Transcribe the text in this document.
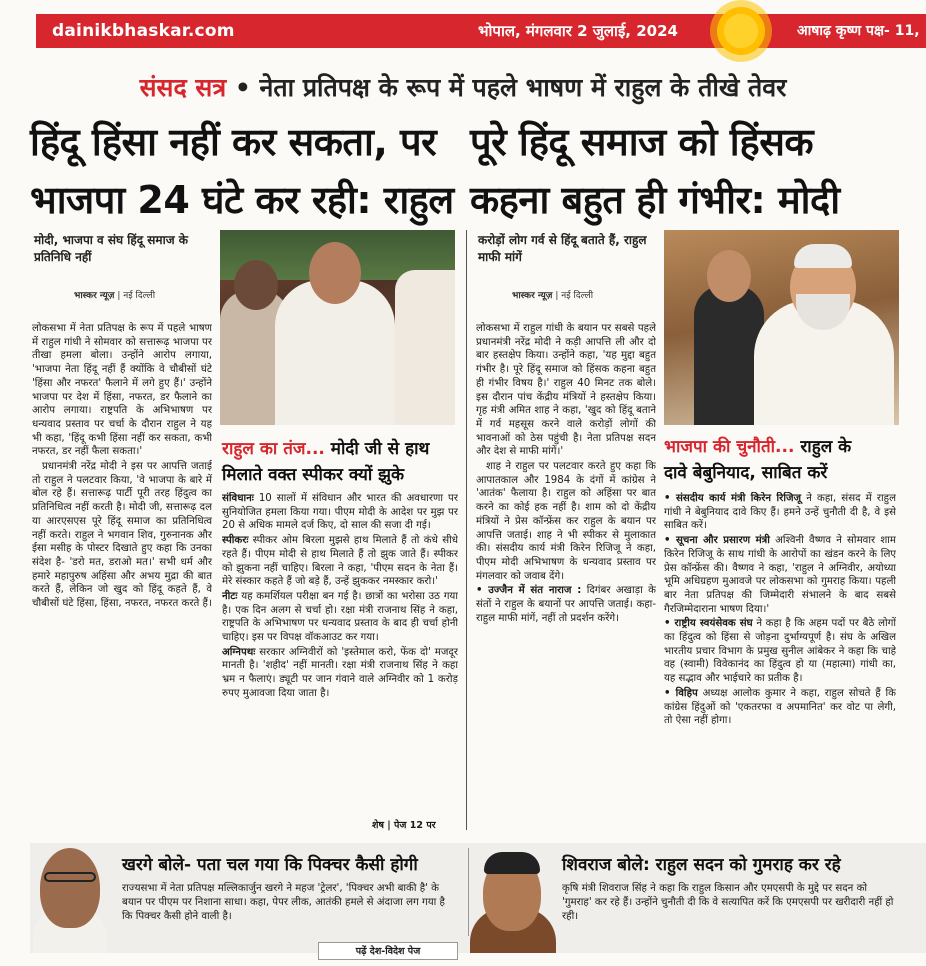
dainikbhaskar.com	भोपाल, मंगलवार 2 जुलाई, 2024	आषाढ़ कृष्ण पक्ष- 11,
संसद सत्र • नेता प्रतिपक्ष के रूप में पहले भाषण में राहुल के तीखे तेवर
हिंदू हिंसा नहीं कर सकता, पर
भाजपा 24 घंटे कर रही: राहुल
पूरे हिंदू समाज को हिंसक
कहना बहुत ही गंभीर: मोदी
मोदी, भाजपा व संघ हिंदू समाज के प्रतिनिधि नहीं
भास्कर न्यूज़ | नई दिल्ली

लोकसभा में नेता प्रतिपक्ष के रूप में पहले भाषण में राहुल गांधी ने सोमवार को सत्तारूढ़ भाजपा पर तीखा हमला बोला। उन्होंने आरोप लगाया, 'भाजपा नेता हिंदू नहीं हैं क्योंकि वे चौबीसों घंटे 'हिंसा और नफरत' फैलाने में लगे हुए हैं।' उन्होंने भाजपा पर देश में हिंसा, नफरत, डर फैलाने का आरोप लगाया। राष्ट्रपति के अभिभाषण पर धन्यवाद प्रस्ताव पर चर्चा के दौरान राहुल ने यह भी कहा, 'हिंदू कभी हिंसा नहीं कर सकता, कभी नफरत, डर नहीं फैला सकता।'

प्रधानमंत्री नरेंद्र मोदी ने इस पर आपत्ति जताई तो राहुल ने पलटवार किया, 'वे भाजपा के बारे में बोल रहे हैं। सत्तारूढ़ पार्टी पूरी तरह हिंदुत्व का प्रतिनिधित्व नहीं करती है। मोदी जी, सत्तारूढ़ दल या आरएसएस पूरे हिंदू समाज का प्रतिनिधित्व नहीं करते। राहुल ने भगवान शिव, गुरुनानक और ईसा मसीह के पोस्टर दिखाते हुए कहा कि उनका संदेश है- 'डरो मत, डराओ मत।' सभी धर्म और हमारे महापुरुष अहिंसा और अभय मुद्रा की बात करते हैं, लेकिन जो खुद को हिंदू कहते हैं, वे चौबीसों घंटे हिंसा, हिंसा, नफरत, नफरत करते हैं।

राहुल का तंज... मोदी जी से हाथ
मिलाते वक्त स्पीकर क्यों झुके

संविधानः 10 सालों में संविधान और भारत की अवधारणा पर सुनियोजित हमला किया गया। पीएम मोदी के आदेश पर मुझ पर 20 से अधिक मामले दर्ज किए, दो साल की सजा दी गई।

स्पीकरः स्पीकर ओम बिरला मुझसे हाथ मिलाते हैं तो कंधे सीधे रहते हैं। पीएम मोदी से हाथ मिलाते हैं तो झुक जाते हैं। स्पीकर को झुकना नहीं चाहिए। बिरला ने कहा, 'पीएम सदन के नेता हैं। मेरे संस्कार कहते हैं जो बड़े हैं, उन्हें झुककर नमस्कार करो।'

नीटः यह कमर्शियल परीक्षा बन गई है। छात्रों का भरोसा उठ गया है। एक दिन अलग से चर्चा हो। रक्षा मंत्री राजनाथ सिंह ने कहा, राष्ट्रपति के अभिभाषण पर धन्यवाद प्रस्ताव के बाद ही चर्चा होनी चाहिए। इस पर विपक्ष वॉकआउट कर गया।

अग्निपथः सरकार अग्निवीरों को 'इस्तेमाल करो, फेंक दो' मजदूर मानती है। 'शहीद' नहीं मानती। रक्षा मंत्री राजनाथ सिंह ने कहा भ्रम न फैलाएं। ड्यूटी पर जान गंवाने वाले अग्निवीर को 1 करोड़ रुपए मुआवजा दिया जाता है।

शेष | पेज 12 पर
करोड़ों लोग गर्व से हिंदू बताते हैं, राहुल माफी मांगें
भास्कर न्यूज़ | नई दिल्ली

लोकसभा में राहुल गांधी के बयान पर सबसे पहले प्रधानमंत्री नरेंद्र मोदी ने कड़ी आपत्ति ली और दो बार हस्तक्षेप किया। उन्होंने कहा, 'यह मुद्दा बहुत गंभीर है। पूरे हिंदू समाज को हिंसक कहना बहुत ही गंभीर विषय है।' राहुल 40 मिनट तक बोले। इस दौरान पांच केंद्रीय मंत्रियों ने हस्तक्षेप किया। गृह मंत्री अमित शाह ने कहा, 'खुद को हिंदू बताने में गर्व महसूस करने वाले करोड़ों लोगों की भावनाओं को ठेस पहुंची है। नेता प्रतिपक्ष सदन और देश से माफी मांगें।'

शाह ने राहुल पर पलटवार करते हुए कहा कि आपातकाल और 1984 के दंगों में कांग्रेस ने 'आतंक' फैलाया है। राहुल को अहिंसा पर बात करने का कोई हक नहीं है। शाम को दो केंद्रीय मंत्रियों ने प्रेस कॉन्फ्रेंस कर राहुल के बयान पर आपत्ति जताई। शाह ने भी स्पीकर से मुलाकात की। संसदीय कार्य मंत्री किरेन रिजिजू ने कहा, पीएम मोदी अभिभाषण के धन्यवाद प्रस्ताव पर मंगलवार को जवाब देंगे।

• उज्जैन में संत नाराज : दिगंबर अखाड़ा के संतों ने राहुल के बयानों पर आपत्ति जताई। कहा- राहुल माफी मांगें, नहीं तो प्रदर्शन करेंगे।

भाजपा की चुनौती... राहुल के
दावे बेबुनियाद, साबित करें

• संसदीय कार्य मंत्री किरेन रिजिजू ने कहा, संसद में राहुल गांधी ने बेबुनियाद दावे किए हैं। हमने उन्हें चुनौती दी है, वे इसे साबित करें।

• सूचना और प्रसारण मंत्री अश्विनी वैष्णव ने सोमवार शाम किरेन रिजिजू के साथ गांधी के आरोपों का खंडन करने के लिए प्रेस कॉन्फ्रेंस की। वैष्णव ने कहा, 'राहुल ने अग्निवीर, अयोध्या भूमि अधिग्रहण मुआवजे पर लोकसभा को गुमराह किया। पहली बार नेता प्रतिपक्ष की जिम्मेदारी संभालने के बाद सबसे गैरजिम्मेदाराना भाषण दिया।'

• राष्ट्रीय स्वयंसेवक संघ ने कहा है कि अहम पदों पर बैठे लोगों का हिंदुत्व को हिंसा से जोड़ना दुर्भाग्यपूर्ण है। संघ के अखिल भारतीय प्रचार विभाग के प्रमुख सुनील आंबेकर ने कहा कि चाहे वह (स्वामी) विवेकानंद का हिंदुत्व हो या (महात्मा) गांधी का, यह सद्भाव और भाईचारे का प्रतीक है।

• विहिप अध्यक्ष आलोक कुमार ने कहा, राहुल सोचते हैं कि कांग्रेस हिंदुओं को 'एकतरफा व अपमानित' कर वोट पा लेगी, तो ऐसा नहीं होगा।

खरगे बोले- पता चल गया कि पिक्चर कैसी होगी
राज्यसभा में नेता प्रतिपक्ष मल्लिकार्जुन खरगे ने महज 'ट्रेलर', 'पिक्चर अभी बाकी है' के बयान पर पीएम पर निशाना साधा। कहा, पेपर लीक, आतंकी हमले से अंदाजा लग गया है कि पिक्चर कैसी होने वाली है।
शिवराज बोले: राहुल सदन को गुमराह कर रहे
कृषि मंत्री शिवराज सिंह ने कहा कि राहुल किसान और एमएसपी के मुद्दे पर सदन को 'गुमराह' कर रहे हैं। उन्होंने चुनौती दी कि वे सत्यापित करें कि एमएसपी पर खरीदारी नहीं हो रही।
पढ़ें देश-विदेश पेज
